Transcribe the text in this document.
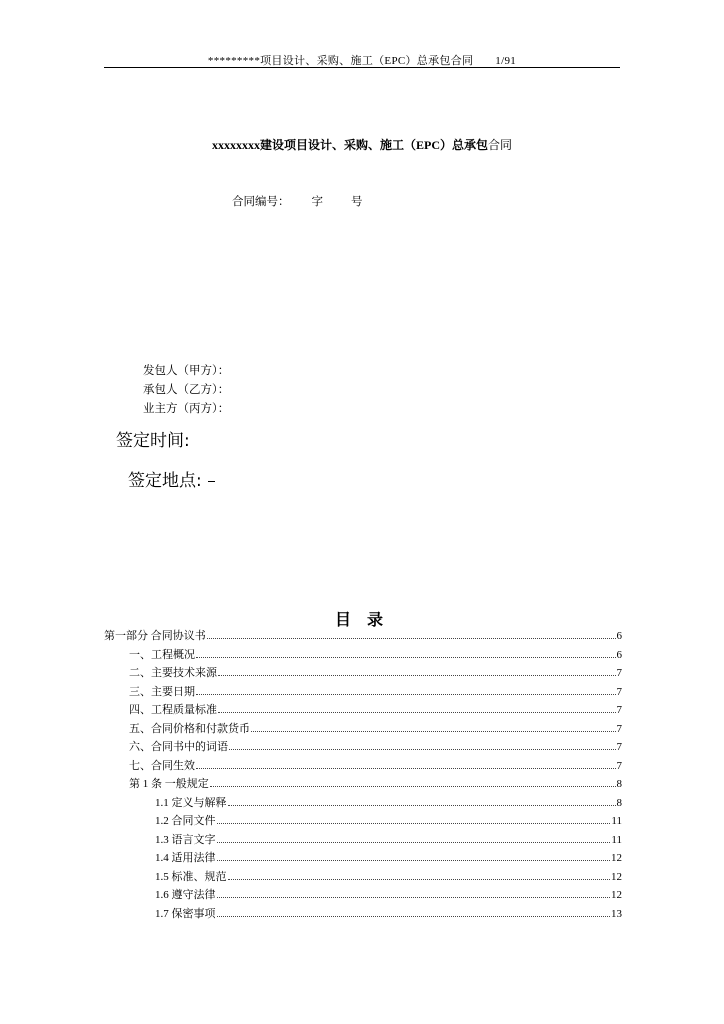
*********项目设计、采购、施工（EPC）总承包合同 1/91
xxxxxxxx建设项目设计、采购、施工（EPC）总承包合同
合同编号： 字 号
发包人（甲方）：
承包人（乙方）：
业主方（丙方）：
签定时间:
签定地点:
目 录
第一部分 合同协议书	6
一、工程概况	6
二、主要技术来源	7
三、主要日期	7
四、工程质量标准	7
五、合同价格和付款货币	7
六、合同书中的词语	7
七、合同生效	7
第 1 条 一般规定	8
1.1 定义与解释	8
1.2 合同文件	11
1.3 语言文字	11
1.4 适用法律	12
1.5 标准、规范	12
1.6 遵守法律	12
1.7 保密事项	13
